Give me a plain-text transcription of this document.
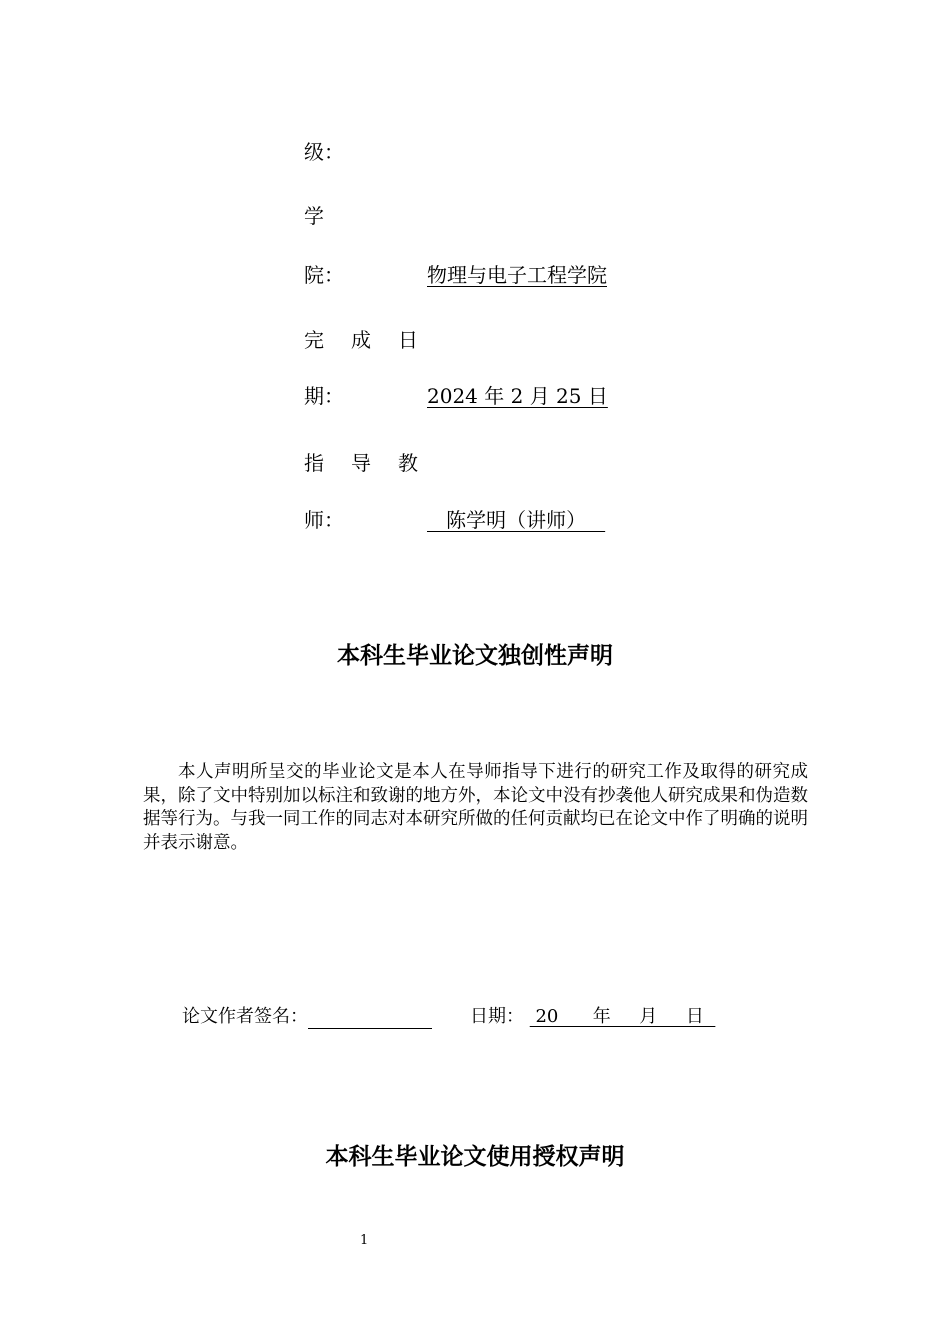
级：
学
院：	物理与电子工程学院
完 成 日
期：	2024 年 2 月 25 日
指 导 教
师：	陈学明（讲师）
本科生毕业论文独创性声明
本人声明所呈交的毕业论文是本人在导师指导下进行的研究工作及取得的研究成果，除了文中特别加以标注和致谢的地方外，本论文中没有抄袭他人研究成果和伪造数据等行为。与我一同工作的同志对本研究所做的任何贡献均已在论文中作了明确的说明并表示谢意。
论文作者签名：	日期：  20      年     月     日
本科生毕业论文使用授权声明
1
